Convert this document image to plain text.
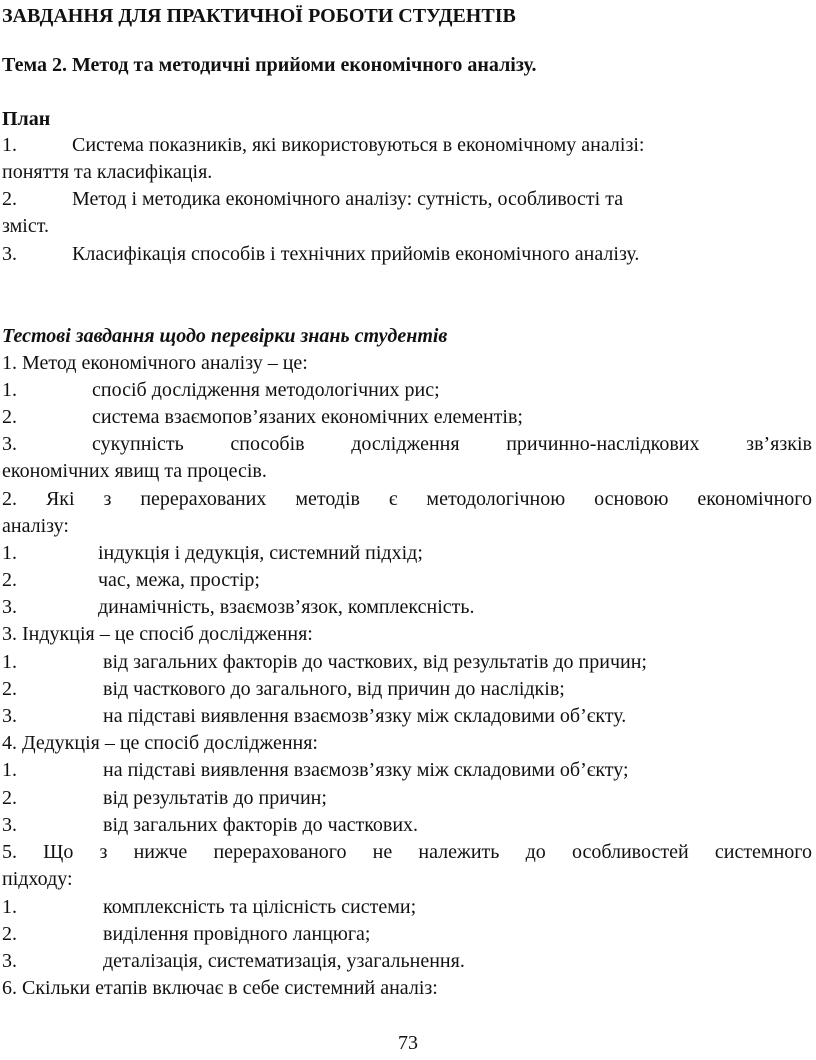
ЗАВДАННЯ ДЛЯ ПРАКТИЧНОЇ РОБОТИ СТУДЕНТІВ
Тема 2. Метод та методичні прийоми економічного аналізу.
План
1.	Система показників, які використовуються в економічному аналізі:
поняття та класифікація.
2.	Метод і методика економічного аналізу: сутність, особливості та
зміст.
3.	Класифікація способів і технічних прийомів економічного аналізу.
Тестові завдання щодо перевірки знань студентів
1. Метод економічного аналізу – це:
1.	спосіб дослідження методологічних рис;
2.	система взаємопов’язаних економічних елементів;
3.	сукупність способів дослідження причинно-наслідкових зв’язків
економічних явищ та процесів.
2. Які з перерахованих методів є методологічною основою економічного
аналізу:
1.	індукція і дедукція, системний підхід;
2.	час, межа, простір;
3.	динамічність, взаємозв’язок, комплексність.
3. Індукція – це спосіб дослідження:
1.	від загальних факторів до часткових, від результатів до причин;
2.	від часткового до загального, від причин до наслідків;
3.	на підставі виявлення взаємозв’язку між складовими об’єкту.
4. Дедукція – це спосіб дослідження:
1.	на підставі виявлення взаємозв’язку між складовими об’єкту;
2.	від результатів до причин;
3.	від загальних факторів до часткових.
5. Що з нижче перерахованого не належить до особливостей системного
підходу:
1.	комплексність та цілісність системи;
2.	виділення провідного ланцюга;
3.	деталізація, систематизація, узагальнення.
6. Скільки етапів включає в себе системний аналіз:
73
